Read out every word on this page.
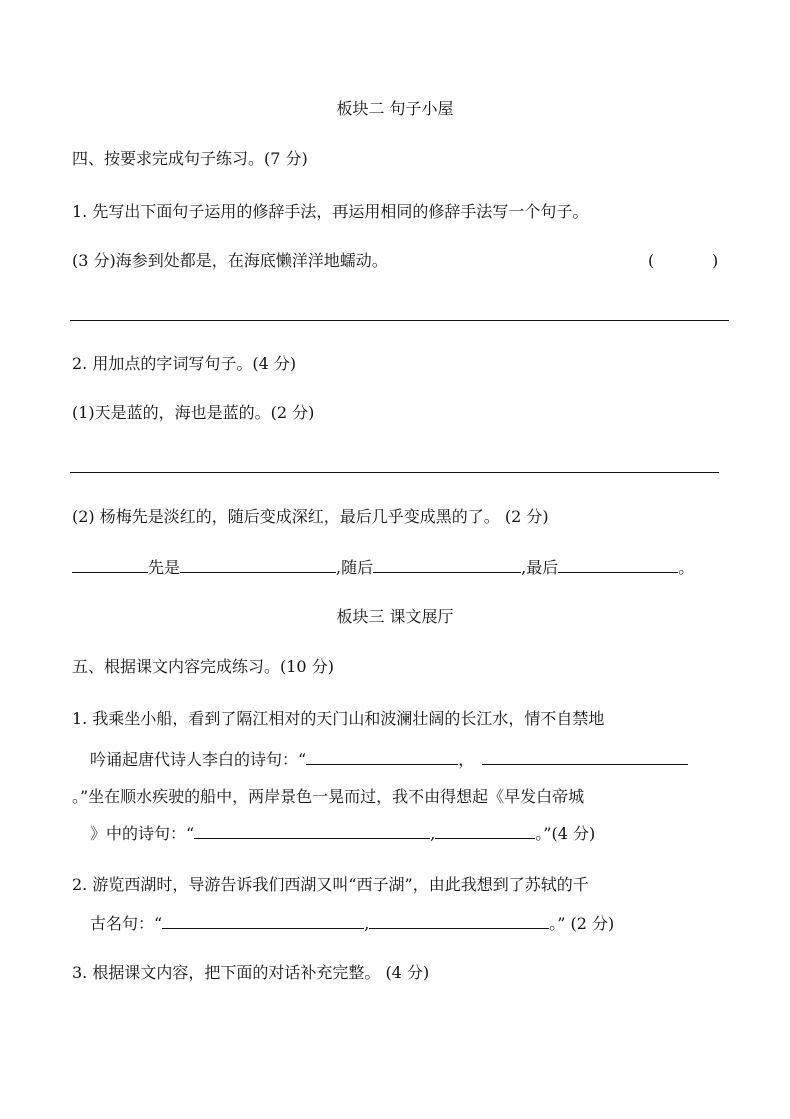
板块二 句子小屋
四、按要求完成句子练习。(7 分)
1. 先写出下面句子运用的修辞手法，再运用相同的修辞手法写一个句子。
(3 分)海参到处都是，在海底懒洋洋地蠕动。	(	)
2. 用加点的字词写句子。(4 分)
(1)天是蓝的，海也是蓝的。(2 分)
(2) 杨梅先是淡红的，随后变成深红，最后几乎变成黑的了。 (2 分)
先是	,随后	,最后	。
板块三 课文展厅
五、根据课文内容完成练习。(10 分)
1. 我乘坐小船，看到了隔江相对的天门山和波澜壮阔的长江水，情不自禁地
吟诵起唐代诗人李白的诗句：“	，
。”坐在顺水疾驶的船中，两岸景色一晃而过，我不由得想起《早发白帝城
》中的诗句：“	,	。”(4 分)
2. 游览西湖时，导游告诉我们西湖又叫“西子湖”，由此我想到了苏轼的千
古名句：“	,	。” (2 分)
3. 根据课文内容，把下面的对话补充完整。 (4 分)
